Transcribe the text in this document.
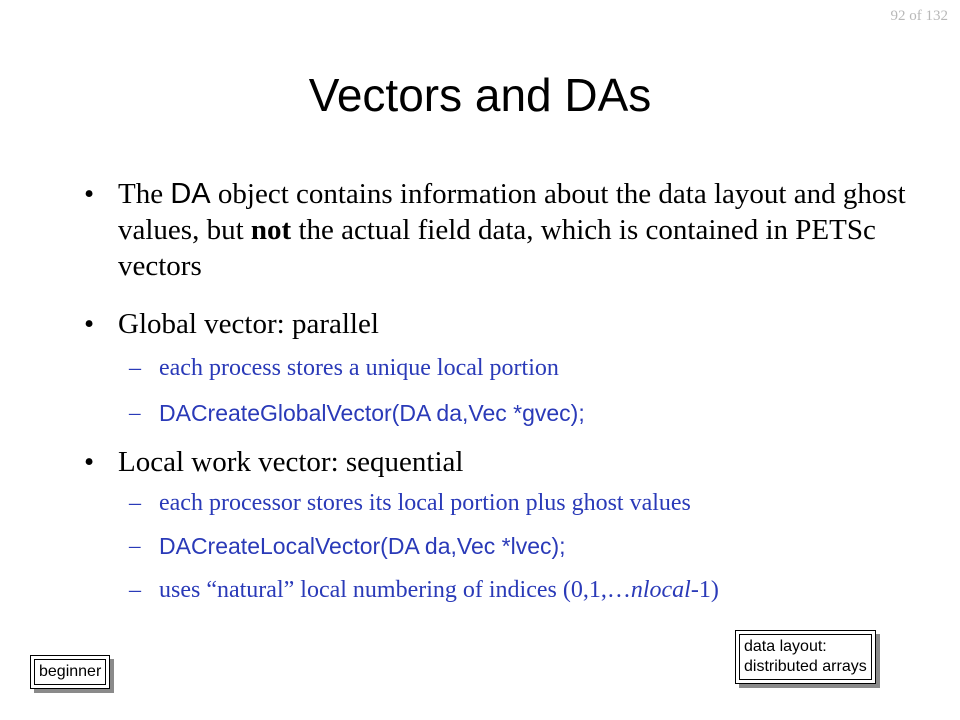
92 of 132
Vectors and DAs
• The DA object contains information about the data layout and ghost values, but not the actual field data, which is contained in PETSc vectors
• Global vector: parallel
– each process stores a unique local portion
– DACreateGlobalVector(DA da,Vec *gvec);
• Local work vector: sequential
– each processor stores its local portion plus ghost values
– DACreateLocalVector(DA da,Vec *lvec);
– uses “natural” local numbering of indices (0,1,…nlocal-1)
beginner
data layout:
distributed arrays
